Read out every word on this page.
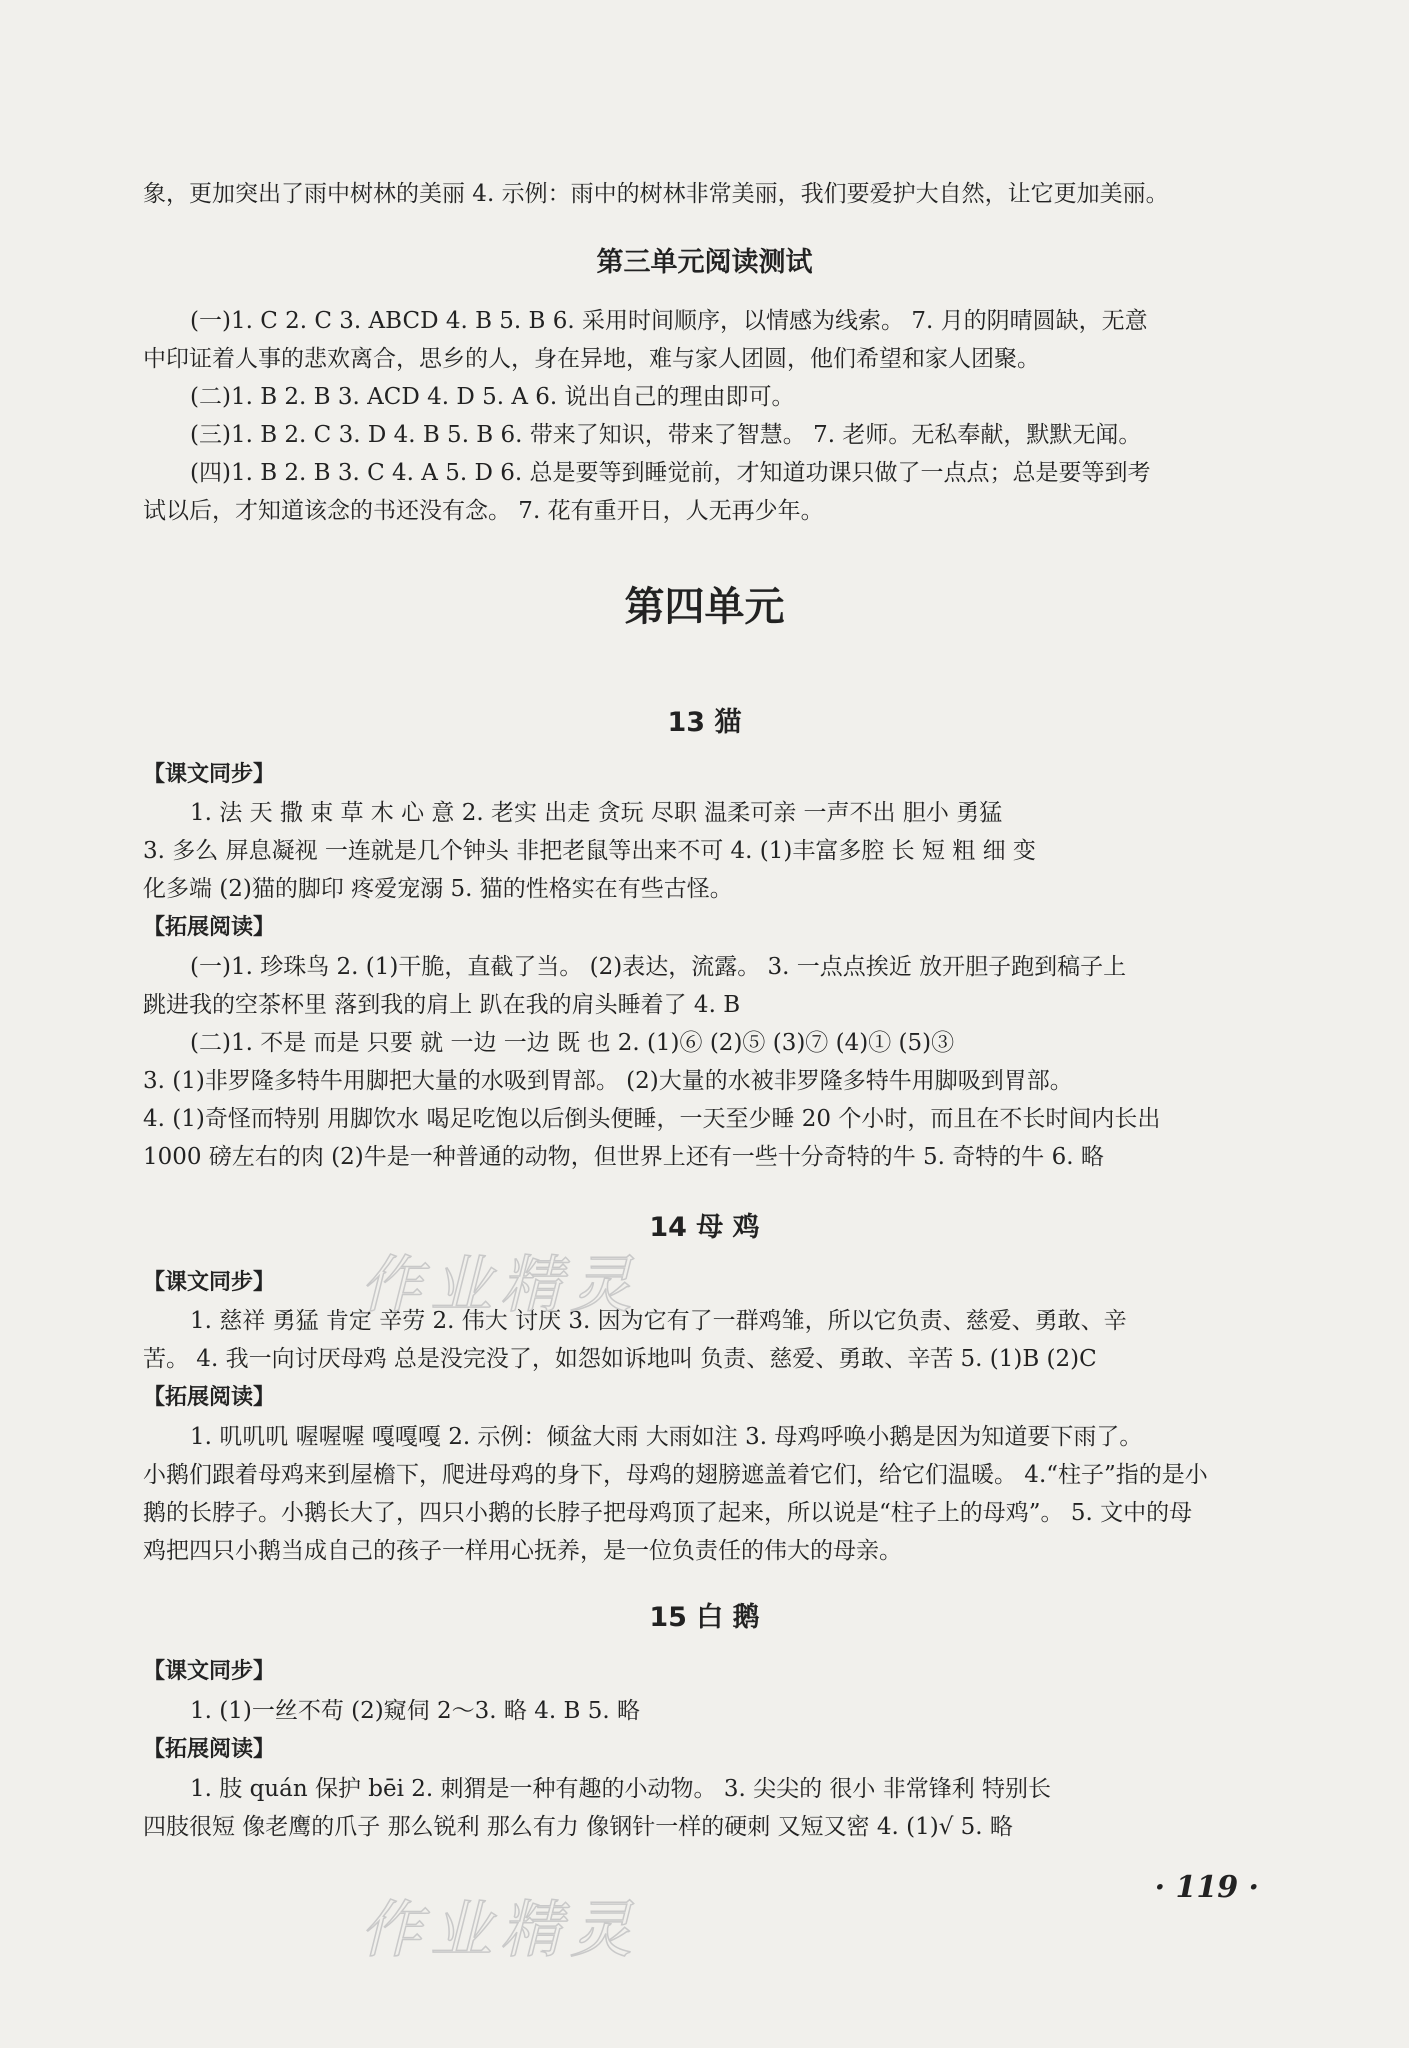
象，更加突出了雨中树林的美丽 4. 示例：雨中的树林非常美丽，我们要爱护大自然，让它更加美丽。
第三单元阅读测试
(一)1. C 2. C 3. ABCD 4. B 5. B 6. 采用时间顺序，以情感为线索。 7. 月的阴晴圆缺，无意
中印证着人事的悲欢离合，思乡的人，身在异地，难与家人团圆，他们希望和家人团聚。
(二)1. B 2. B 3. ACD 4. D 5. A 6. 说出自己的理由即可。
(三)1. B 2. C 3. D 4. B 5. B 6. 带来了知识，带来了智慧。 7. 老师。无私奉献，默默无闻。
(四)1. B 2. B 3. C 4. A 5. D 6. 总是要等到睡觉前，才知道功课只做了一点点；总是要等到考
试以后，才知道该念的书还没有念。 7. 花有重开日，人无再少年。
第四单元
13 猫
【课文同步】
1. 法 天 撒 束 草 木 心 意 2. 老实 出走 贪玩 尽职 温柔可亲 一声不出 胆小 勇猛
3. 多么 屏息凝视 一连就是几个钟头 非把老鼠等出来不可 4. (1)丰富多腔 长 短 粗 细 变
化多端 (2)猫的脚印 疼爱宠溺 5. 猫的性格实在有些古怪。
【拓展阅读】
(一)1. 珍珠鸟 2. (1)干脆，直截了当。 (2)表达，流露。 3. 一点点挨近 放开胆子跑到稿子上
跳进我的空茶杯里 落到我的肩上 趴在我的肩头睡着了 4. B
(二)1. 不是 而是 只要 就 一边 一边 既 也 2. (1)⑥ (2)⑤ (3)⑦ (4)① (5)③
3. (1)非罗隆多特牛用脚把大量的水吸到胃部。 (2)大量的水被非罗隆多特牛用脚吸到胃部。
4. (1)奇怪而特别 用脚饮水 喝足吃饱以后倒头便睡，一天至少睡 20 个小时，而且在不长时间内长出
1000 磅左右的肉 (2)牛是一种普通的动物，但世界上还有一些十分奇特的牛 5. 奇特的牛 6. 略
14 母 鸡
【课文同步】
1. 慈祥 勇猛 肯定 辛劳 2. 伟大 讨厌 3. 因为它有了一群鸡雏，所以它负责、慈爱、勇敢、辛
苦。 4. 我一向讨厌母鸡 总是没完没了，如怨如诉地叫 负责、慈爱、勇敢、辛苦 5. (1)B (2)C
【拓展阅读】
1. 叽叽叽 喔喔喔 嘎嘎嘎 2. 示例：倾盆大雨 大雨如注 3. 母鸡呼唤小鹅是因为知道要下雨了。
小鹅们跟着母鸡来到屋檐下，爬进母鸡的身下，母鸡的翅膀遮盖着它们，给它们温暖。 4.“柱子”指的是小
鹅的长脖子。小鹅长大了，四只小鹅的长脖子把母鸡顶了起来，所以说是“柱子上的母鸡”。 5. 文中的母
鸡把四只小鹅当成自己的孩子一样用心抚养，是一位负责任的伟大的母亲。
15 白 鹅
【课文同步】
1. (1)一丝不苟 (2)窥伺 2～3. 略 4. B 5. 略
【拓展阅读】
1. 肢 quán 保护 bēi 2. 刺猬是一种有趣的小动物。 3. 尖尖的 很小 非常锋利 特别长
四肢很短 像老鹰的爪子 那么锐利 那么有力 像钢针一样的硬刺 又短又密 4. (1)√ 5. 略
· 119 ·
作业精灵
作业精灵
